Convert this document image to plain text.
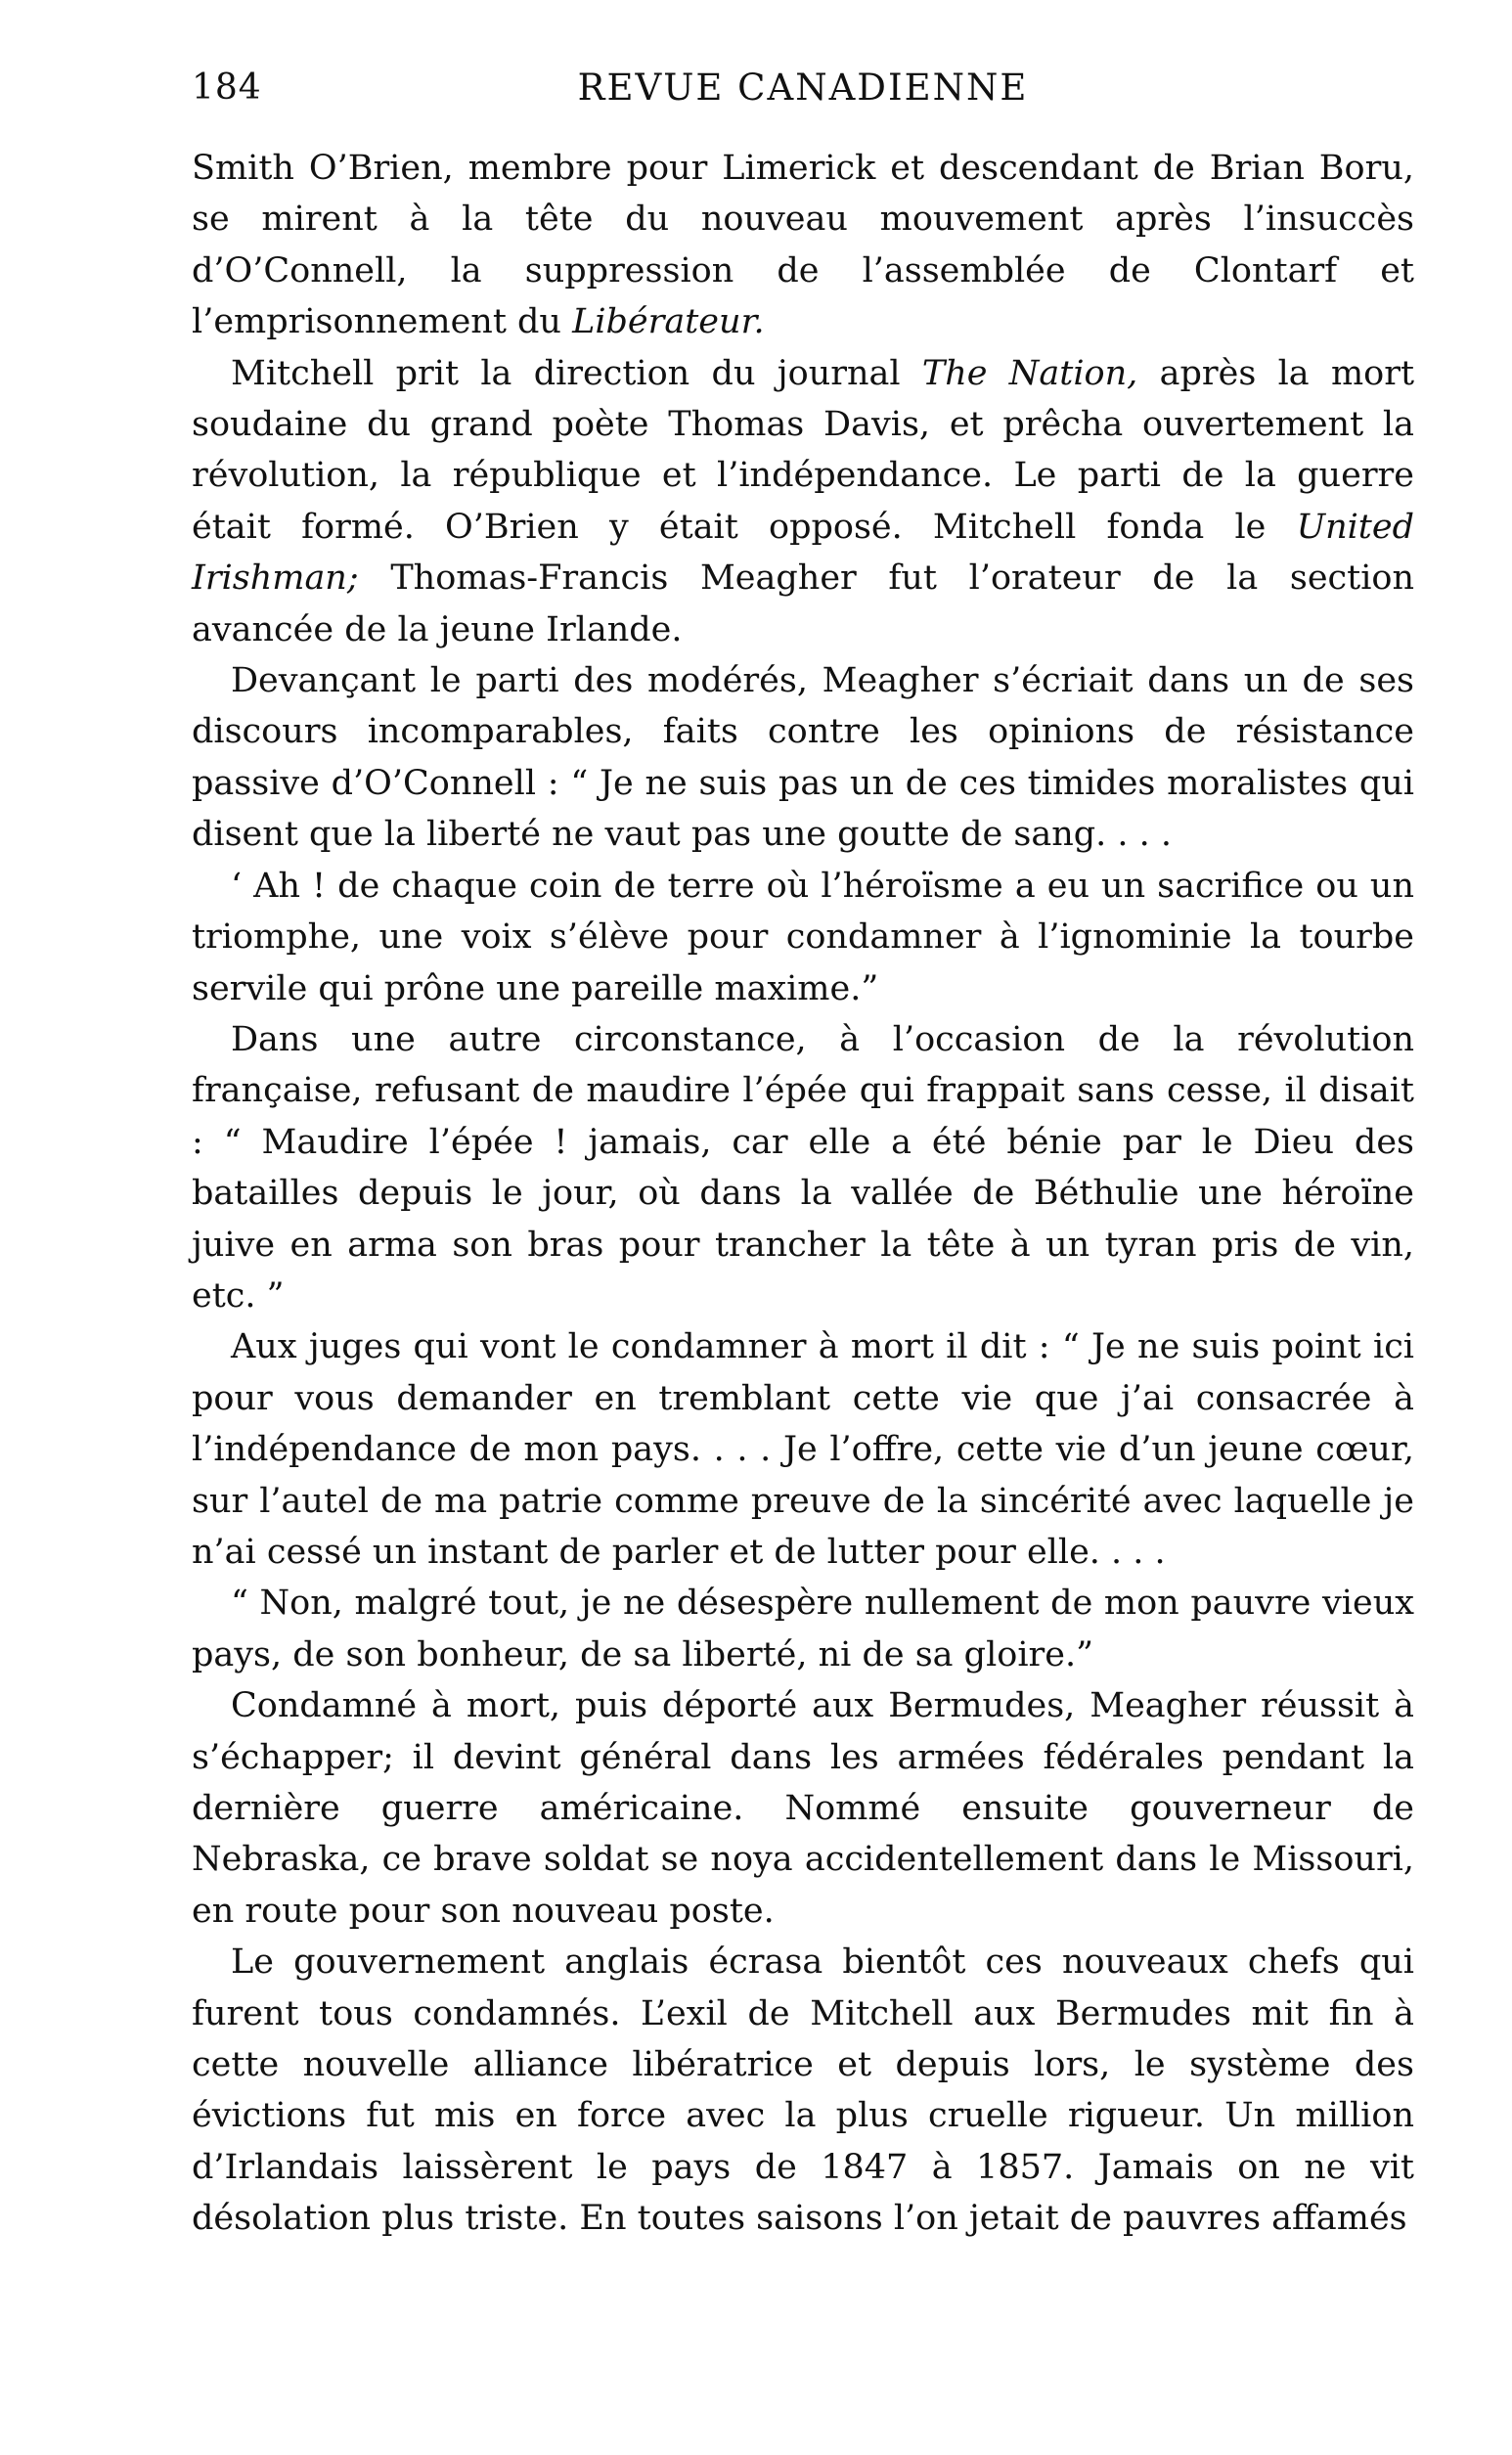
184	REVUE CANADIENNE

Smith O’Brien, membre pour Limerick et descendant de Brian Boru, se mirent à la tête du nouveau mouvement après l’insuccès d’O’Connell, la suppression de l’assemblée de Clontarf et l’emprisonnement du Libérateur.

Mitchell prit la direction du journal The Nation, après la mort soudaine du grand poète Thomas Davis, et prêcha ouvertement la révolution, la république et l’indépendance. Le parti de la guerre était formé. O’Brien y était opposé. Mitchell fonda le United Irishman; Thomas-Francis Meagher fut l’orateur de la section avancée de la jeune Irlande.

Devançant le parti des modérés, Meagher s’écriait dans un de ses discours incomparables, faits contre les opinions de résistance passive d’O’Connell : “ Je ne suis pas un de ces timides moralistes qui disent que la liberté ne vaut pas une goutte de sang. . . .

‘ Ah ! de chaque coin de terre où l’héroïsme a eu un sacrifice ou un triomphe, une voix s’élève pour condamner à l’ignominie la tourbe servile qui prône une pareille maxime.”

Dans une autre circonstance, à l’occasion de la révolution française, refusant de maudire l’épée qui frappait sans cesse, il disait : “ Maudire l’épée ! jamais, car elle a été bénie par le Dieu des batailles depuis le jour, où dans la vallée de Béthulie une héroïne juive en arma son bras pour trancher la tête à un tyran pris de vin, etc. ”

Aux juges qui vont le condamner à mort il dit : “ Je ne suis point ici pour vous demander en tremblant cette vie que j’ai consacrée à l’indépendance de mon pays. . . . Je l’offre, cette vie d’un jeune cœur, sur l’autel de ma patrie comme preuve de la sincérité avec laquelle je n’ai cessé un instant de parler et de lutter pour elle. . . .

“ Non, malgré tout, je ne désespère nullement de mon pauvre vieux pays, de son bonheur, de sa liberté, ni de sa gloire.”

Condamné à mort, puis déporté aux Bermudes, Meagher réussit à s’échapper; il devint général dans les armées fédérales pendant la dernière guerre américaine. Nommé ensuite gouverneur de Nebraska, ce brave soldat se noya accidentellement dans le Missouri, en route pour son nouveau poste.

Le gouvernement anglais écrasa bientôt ces nouveaux chefs qui furent tous condamnés. L’exil de Mitchell aux Bermudes mit fin à cette nouvelle alliance libératrice et depuis lors, le système des évictions fut mis en force avec la plus cruelle rigueur. Un million d’Irlandais laissèrent le pays de 1847 à 1857. Jamais on ne vit désolation plus triste. En toutes saisons l’on jetait de pauvres affamés
